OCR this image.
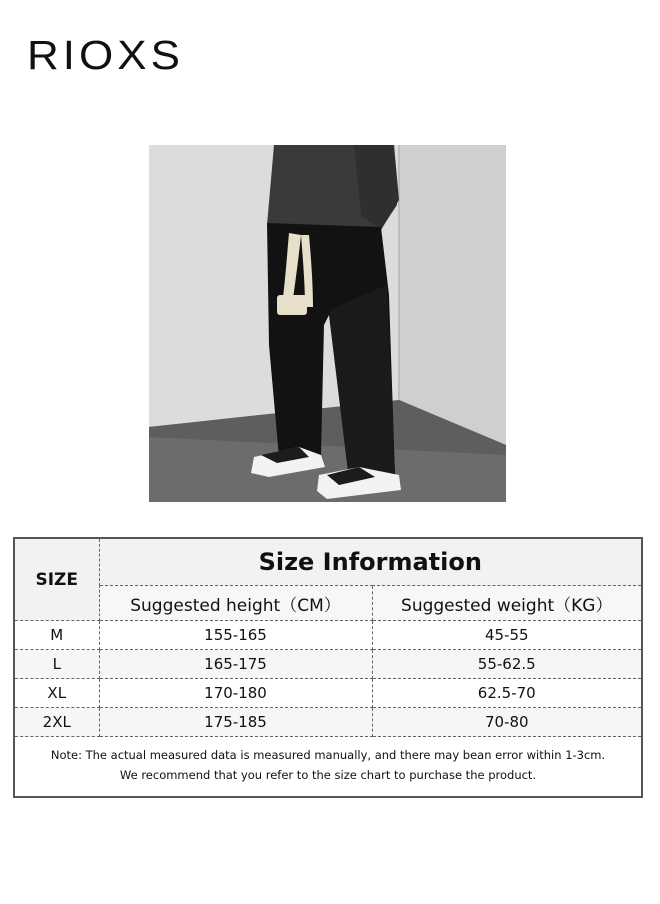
RIOXS
SIZE	Size Information	
	Suggested height（CM）	Suggested weight（KG）
M	155-165	45-55
L	165-175	55-62.5
XL	170-180	62.5-70
2XL	175-185	70-80
Note: The actual measured data is measured manually, and there may bean error within 1-3cm.
We recommend that you refer to the size chart to purchase the product.
